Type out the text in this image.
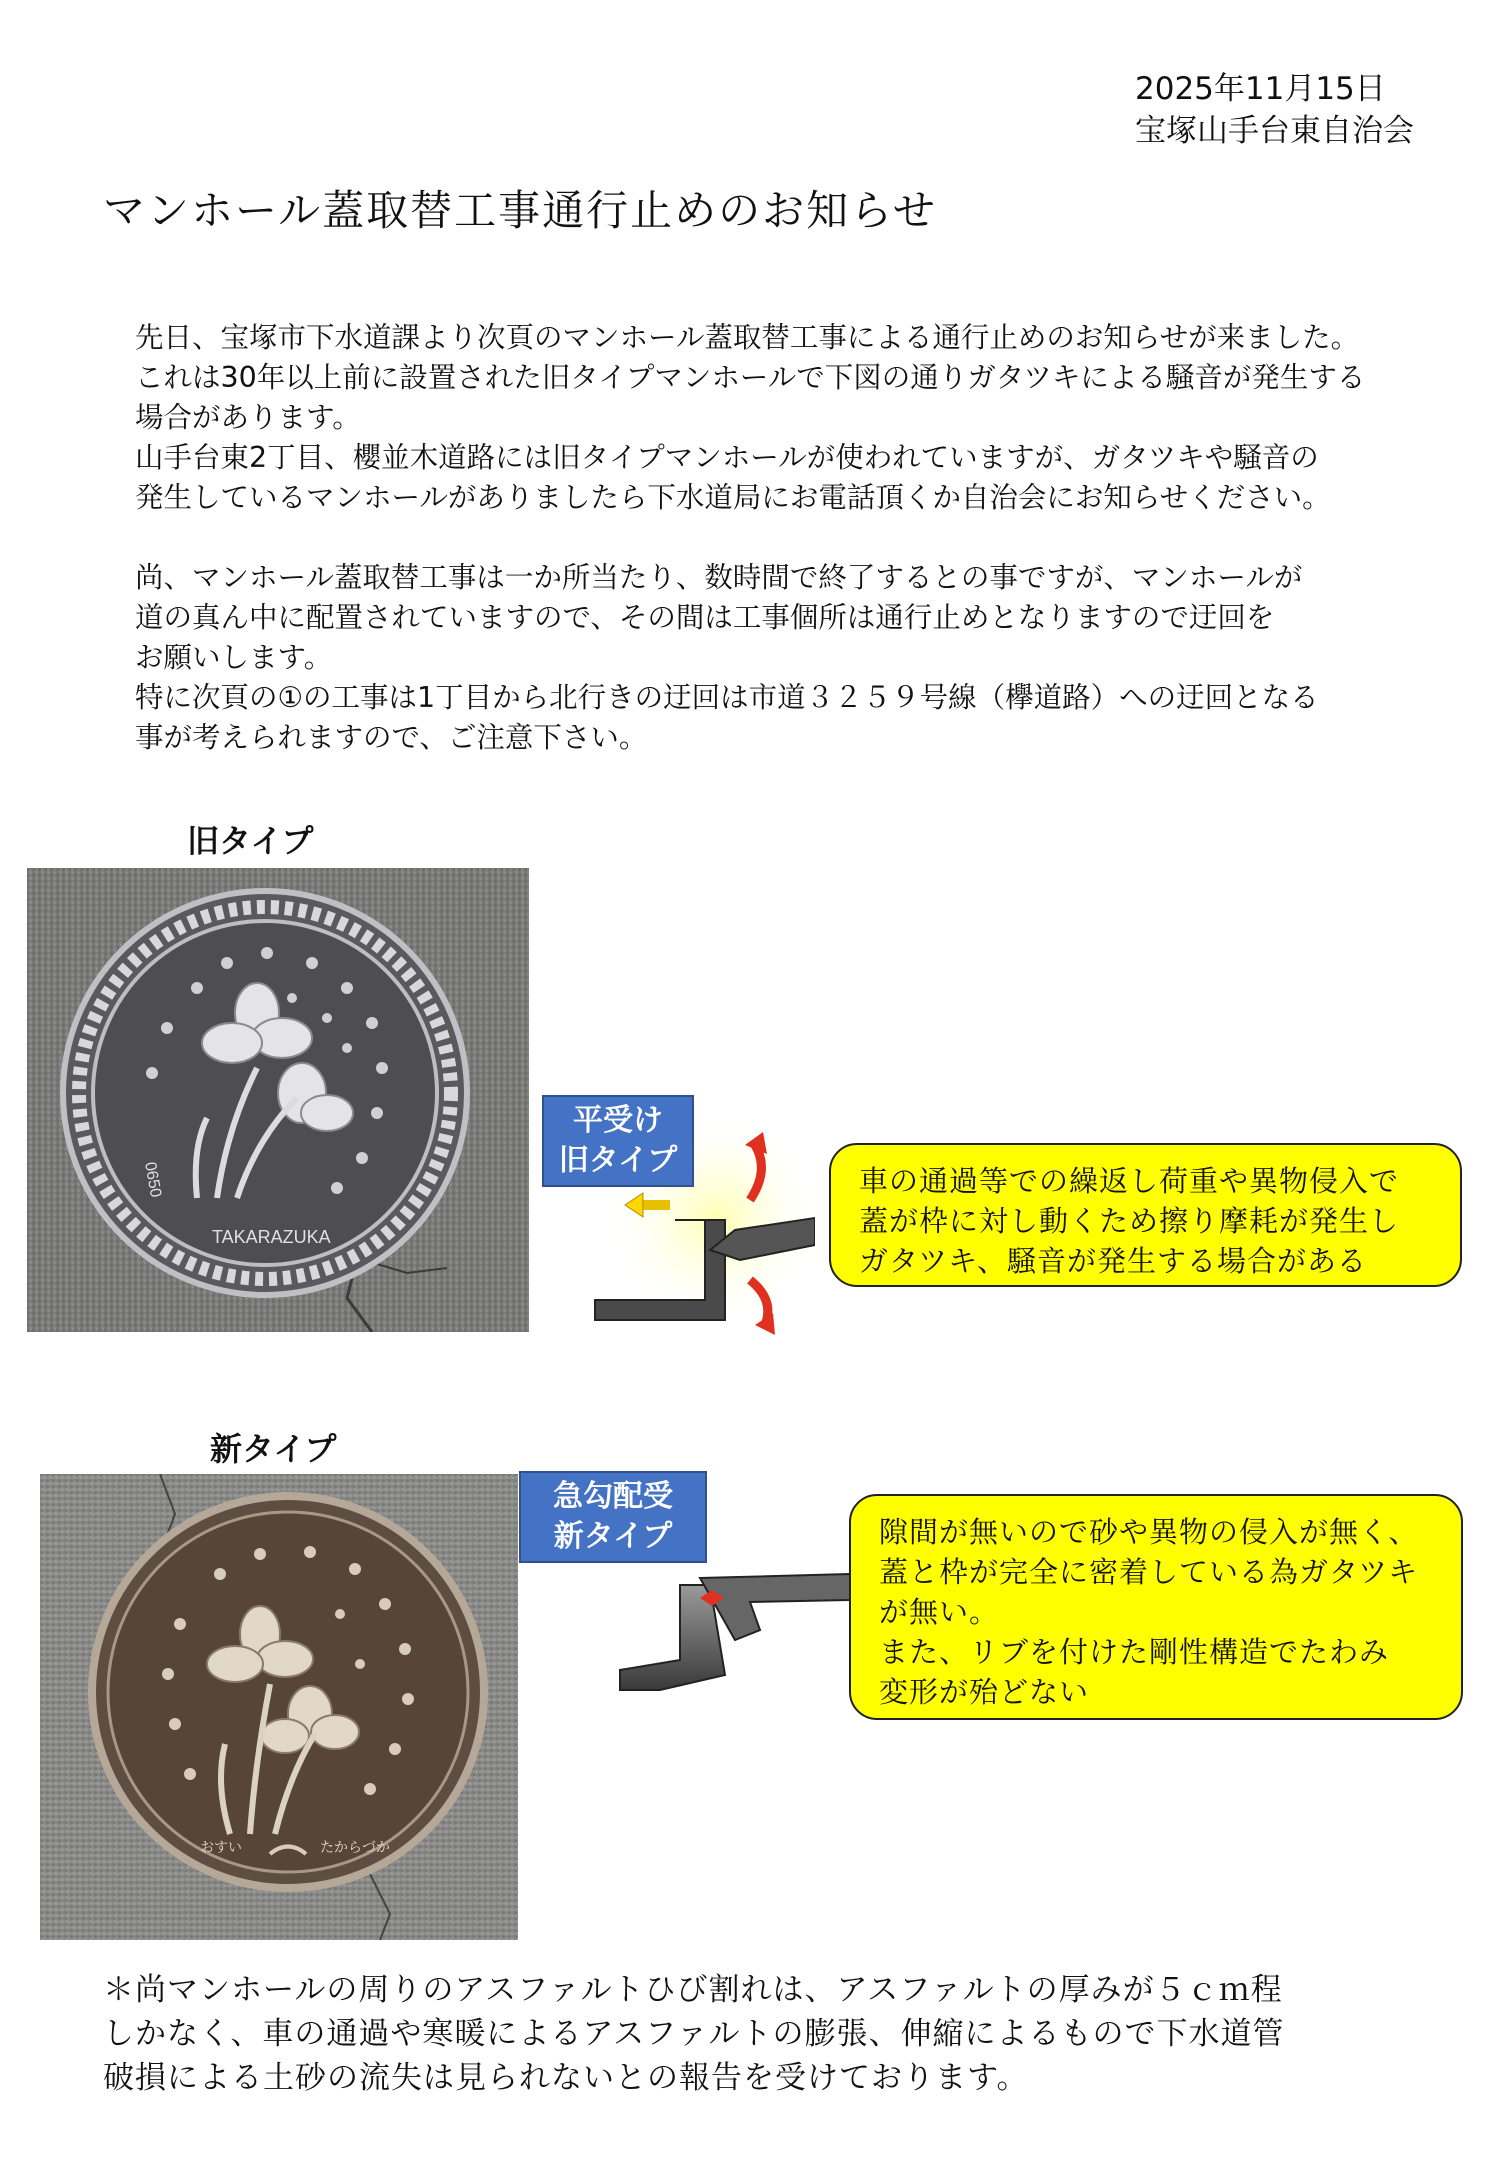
2025年11月15日
宝塚山手台東自治会
マンホール蓋取替工事通行止めのお知らせ

先日、宝塚市下水道課より次頁のマンホール蓋取替工事による通行止めのお知らせが来ました。

これは30年以上前に設置された旧タイプマンホールで下図の通りガタツキによる騒音が発生する

場合があります。

山手台東2丁目、櫻並木道路には旧タイプマンホールが使われていますが、ガタツキや騒音の

発生しているマンホールがありましたら下水道局にお電話頂くか自治会にお知らせください。

尚、マンホール蓋取替工事は一か所当たり、数時間で終了するとの事ですが、マンホールが

道の真ん中に配置されていますので、その間は工事個所は通行止めとなりますので迂回を

お願いします。

特に次頁の①の工事は1丁目から北行きの迂回は市道３２５９号線（欅道路）への迂回となる

事が考えられますので、ご注意下さい。

旧タイプ
TAKARAZUKA
0650
平受け
旧タイプ

車の通過等での繰返し荷重や異物侵入で

蓋が枠に対し動くため擦り摩耗が発生し

ガタツキ、騒音が発生する場合がある

新タイプ
おすい	たからづか
急勾配受
新タイプ	隙間が無いので砂や異物の侵入が無く、

蓋と枠が完全に密着している為ガタツキ

が無い。

また、リブを付けた剛性構造でたわみ

変形が殆どない

＊尚マンホールの周りのアスファルトひび割れは、アスファルトの厚みが５ｃｍ程

しかなく、車の通過や寒暖によるアスファルトの膨張、伸縮によるもので下水道管

破損による土砂の流失は見られないとの報告を受けております。
